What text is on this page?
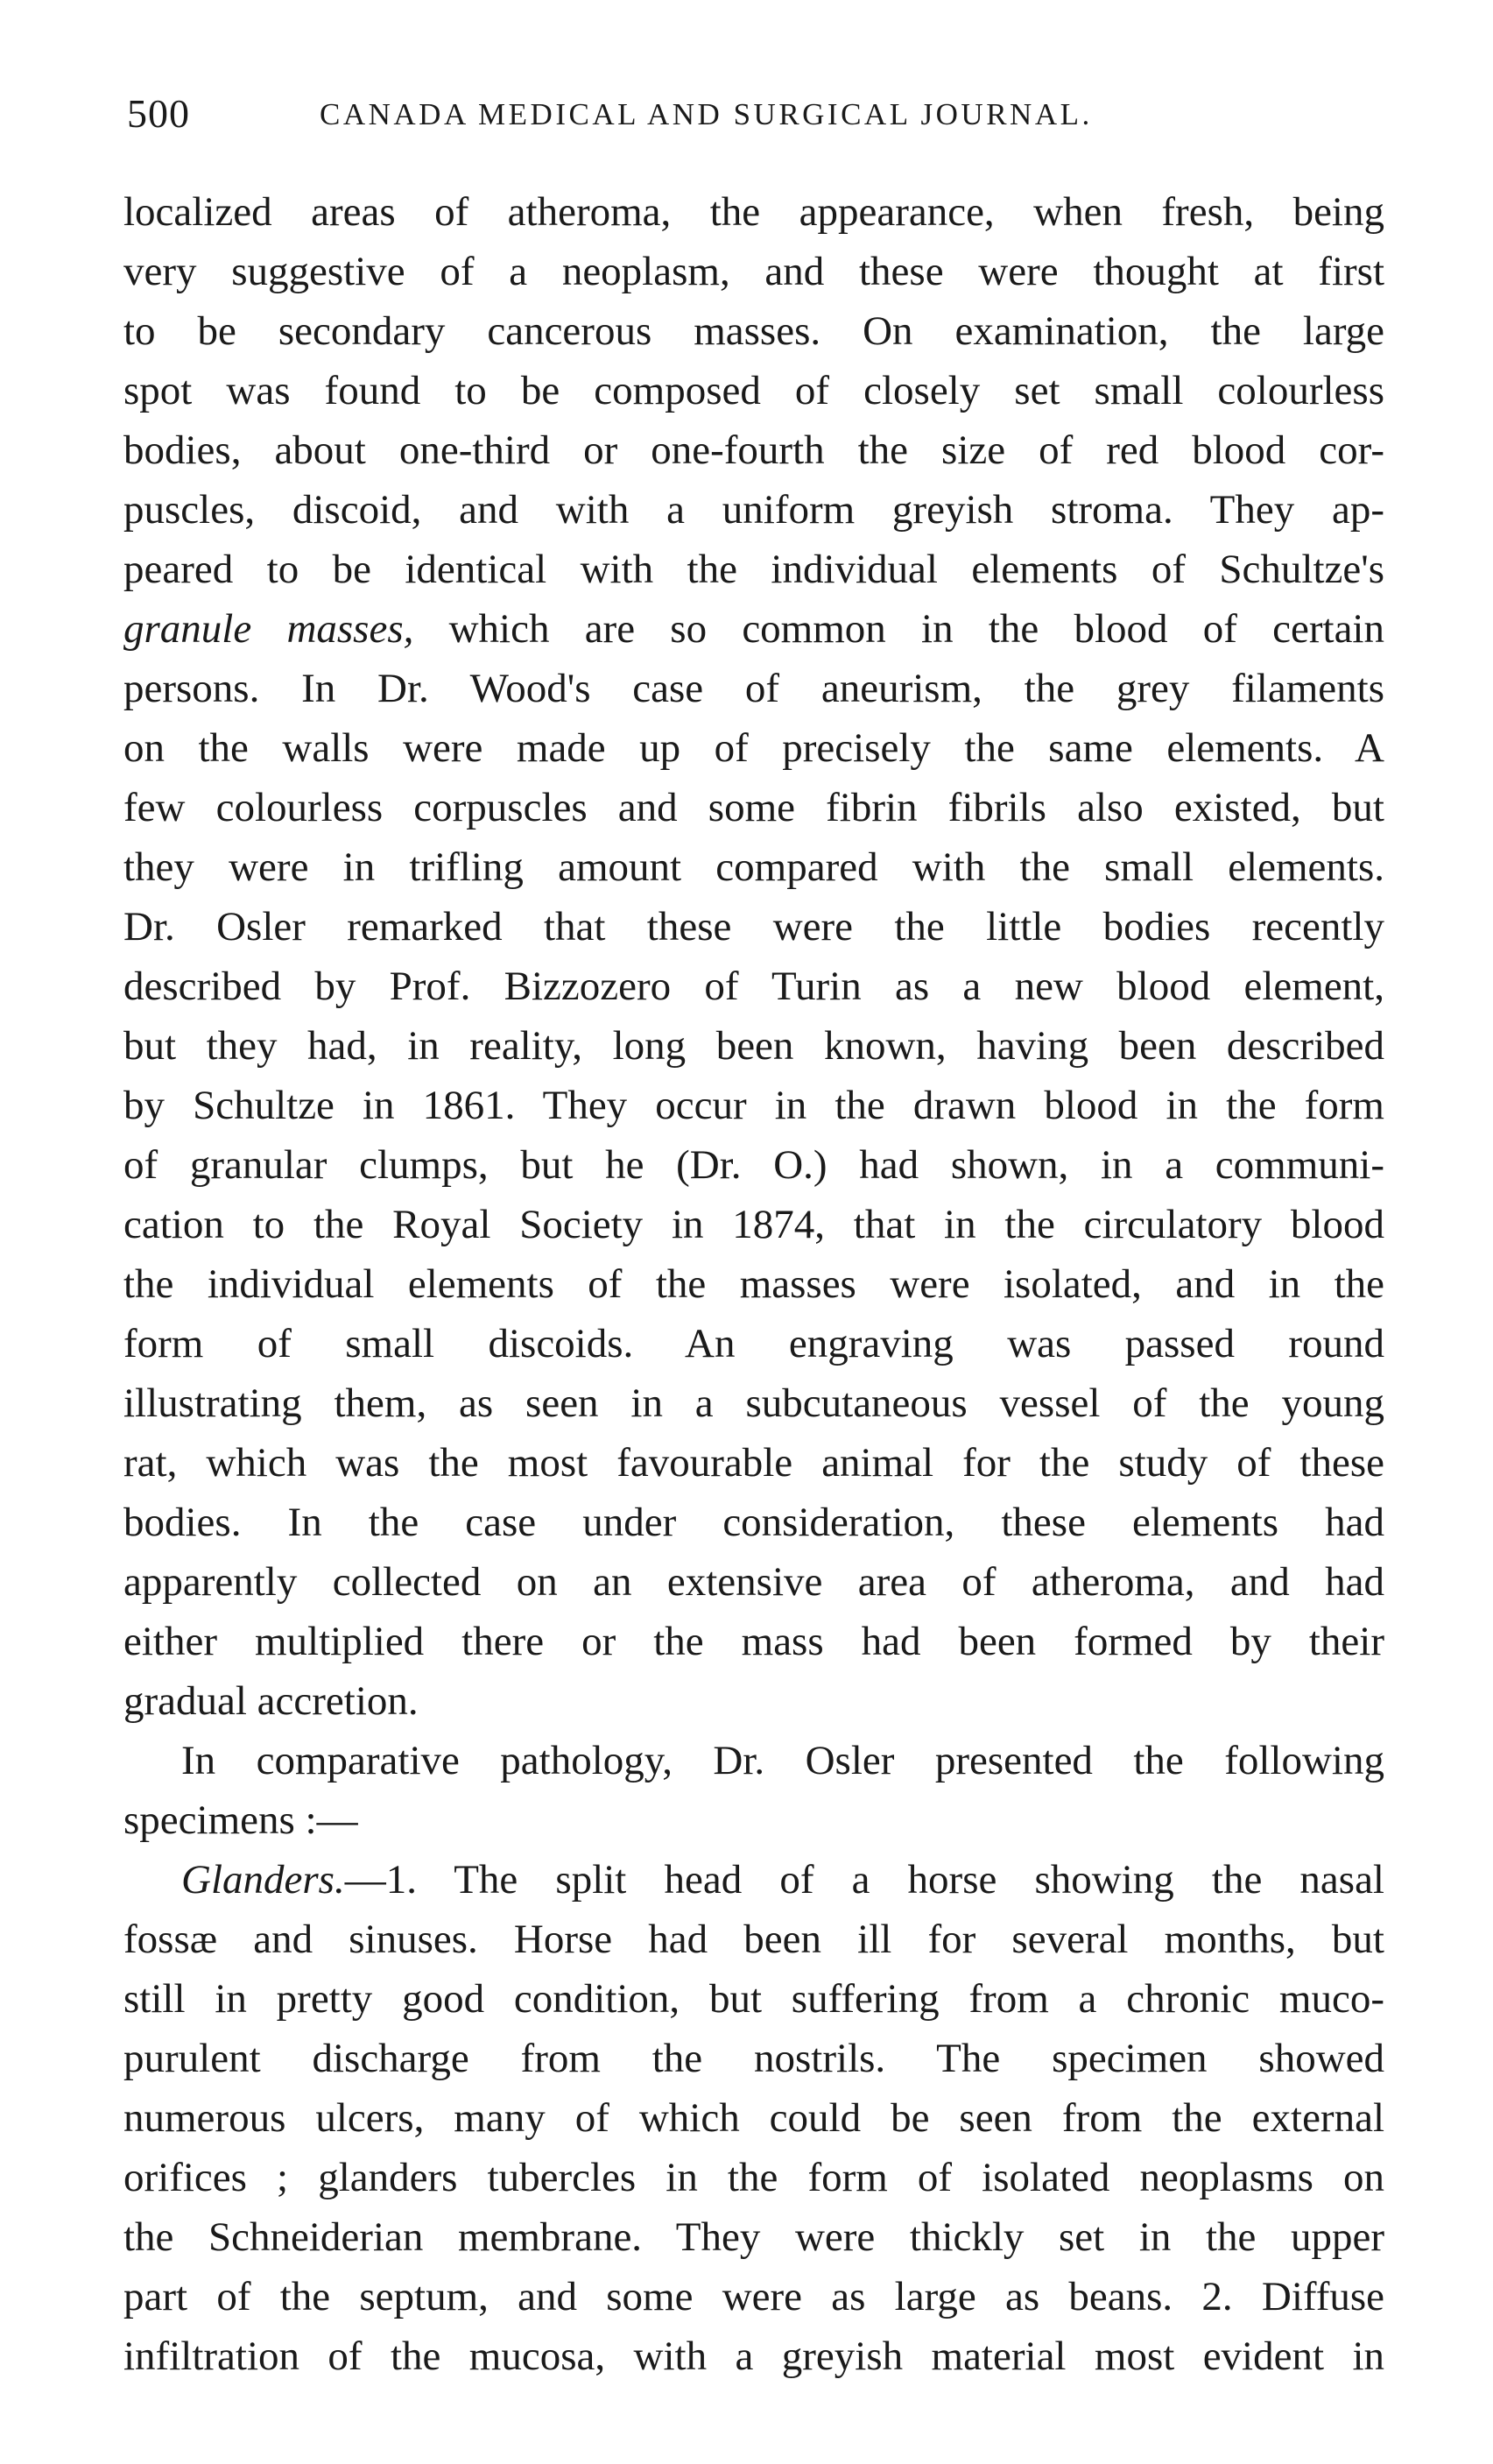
500	CANADA MEDICAL AND SURGICAL JOURNAL.
localized areas of atheroma, the appearance, when fresh, being
very suggestive of a neoplasm, and these were thought at first
to be secondary cancerous masses. On examination, the large
spot was found to be composed of closely set small colourless
bodies, about one-third or one-fourth the size of red blood cor-
puscles, discoid, and with a uniform greyish stroma. They ap-
peared to be identical with the individual elements of Schultze's
granule masses, which are so common in the blood of certain
persons. In Dr. Wood's case of aneurism, the grey filaments
on the walls were made up of precisely the same elements. A
few colourless corpuscles and some fibrin fibrils also existed, but
they were in trifling amount compared with the small elements.
Dr. Osler remarked that these were the little bodies recently
described by Prof. Bizzozero of Turin as a new blood element,
but they had, in reality, long been known, having been described
by Schultze in 1861. They occur in the drawn blood in the form
of granular clumps, but he (Dr. O.) had shown, in a communi-
cation to the Royal Society in 1874, that in the circulatory blood
the individual elements of the masses were isolated, and in the
form of small discoids. An engraving was passed round
illustrating them, as seen in a subcutaneous vessel of the young
rat, which was the most favourable animal for the study of these
bodies. In the case under consideration, these elements had
apparently collected on an extensive area of atheroma, and had
either multiplied there or the mass had been formed by their
gradual accretion.
In comparative pathology, Dr. Osler presented the following
specimens :—
Glanders.—1. The split head of a horse showing the nasal
fossæ and sinuses. Horse had been ill for several months, but
still in pretty good condition, but suffering from a chronic muco-
purulent discharge from the nostrils. The specimen showed
numerous ulcers, many of which could be seen from the external
orifices ; glanders tubercles in the form of isolated neoplasms on
the Schneiderian membrane. They were thickly set in the upper
part of the septum, and some were as large as beans. 2. Diffuse
infiltration of the mucosa, with a greyish material most evident in
